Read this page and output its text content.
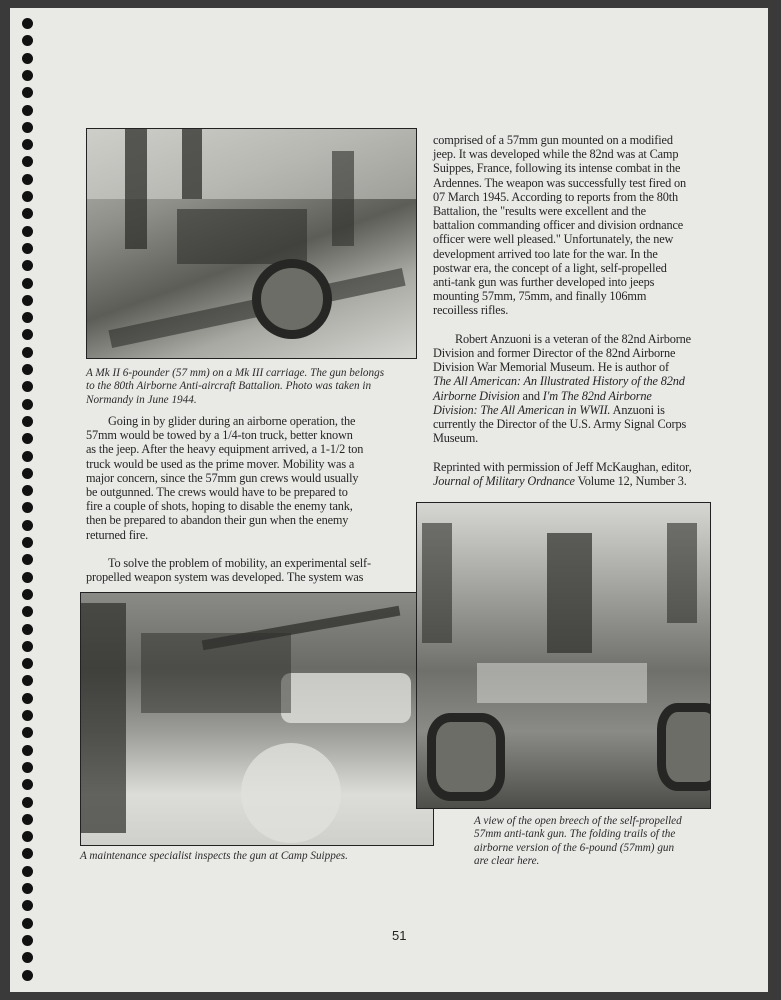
A Mk II 6-pounder (57 mm) on a Mk III carriage. The gun belongs
to the 80th Airborne Anti-aircraft Battalion. Photo was taken in
Normandy in June 1944.
Going in by glider during an airborne operation, the
57mm would be towed by a 1/4-ton truck, better known
as the jeep. After the heavy equipment arrived, a 1-1/2 ton
truck would be used as the prime mover. Mobility was a
major concern, since the 57mm gun crews would usually
be outgunned. The crews would have to be prepared to
fire a couple of shots, hoping to disable the enemy tank,
then be prepared to abandon their gun when the enemy
returned fire.
To solve the problem of mobility, an experimental self-
propelled weapon system was developed. The system was
comprised of a 57mm gun mounted on a modified
jeep. It was developed while the 82nd was at Camp
Suippes, France, following its intense combat in the
Ardennes. The weapon was successfully test fired on
07 March 1945. According to reports from the 80th
Battalion, the "results were excellent and the
battalion commanding officer and division ordnance
officer were well pleased." Unfortunately, the new
development arrived too late for the war. In the
postwar era, the concept of a light, self-propelled
anti-tank gun was further developed into jeeps
mounting 57mm, 75mm, and finally 106mm
recoilless rifles.
Robert Anzuoni is a veteran of the 82nd Airborne
Division and former Director of the 82nd Airborne
Division War Memorial Museum. He is author of
The All American: An Illustrated History of the 82nd
Airborne Division and I'm The 82nd Airborne
Division: The All American in WWII. Anzuoni is
currently the Director of the U.S. Army Signal Corps
Museum.
Reprinted with permission of Jeff McKaughan, editor,
Journal of Military Ordnance Volume 12, Number 3.
A maintenance specialist inspects the gun at Camp Suippes.
A view of the open breech of the self-propelled
57mm anti-tank gun. The folding trails of the
airborne version of the 6-pound (57mm) gun
are clear here.
51
